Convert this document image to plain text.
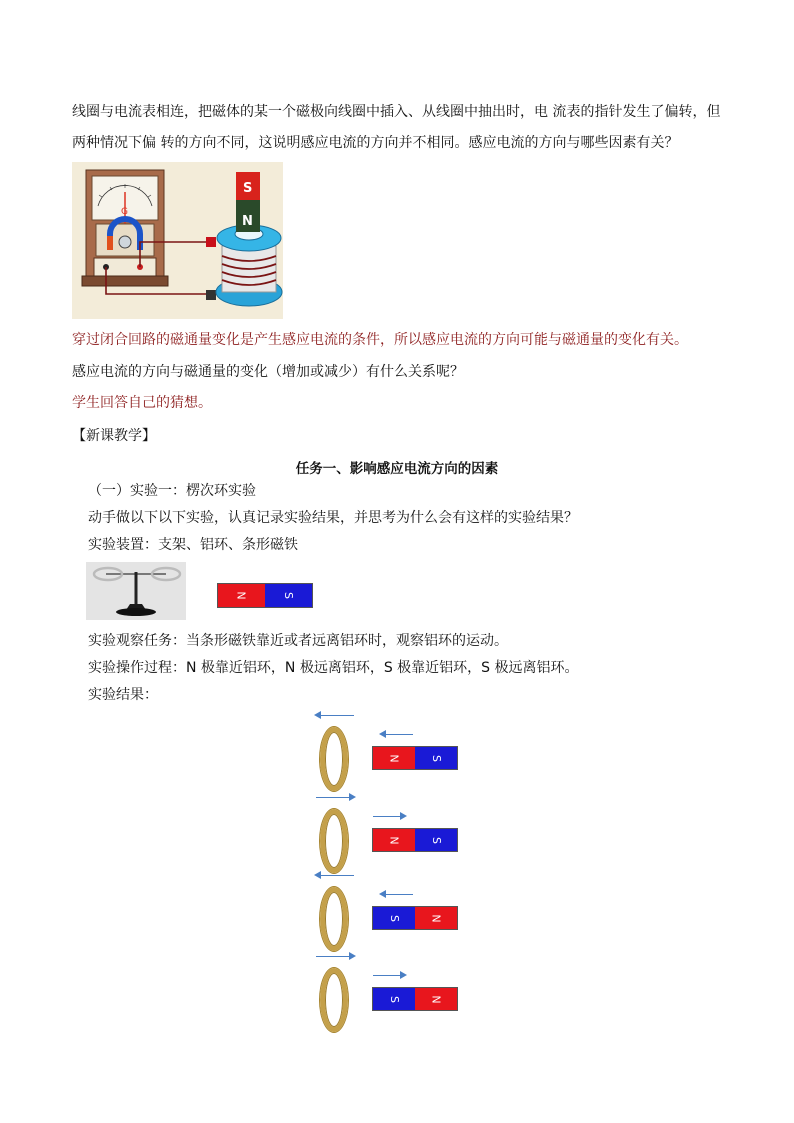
线圈与电流表相连，把磁体的某一个磁极向线圈中插入、从线圈中抽出时，电 流表的指针发生了偏转，但
两种情况下偏 转的方向不同，这说明感应电流的方向并不相同。感应电流的方向与哪些因素有关？
G
S
N
穿过闭合回路的磁通量变化是产生感应电流的条件，所以感应电流的方向可能与磁通量的变化有关。
感应电流的方向与磁通量的变化（增加或减少）有什么关系呢？
学生回答自己的猜想。
【新课教学】
任务一、影响感应电流方向的因素
（一）实验一：楞次环实验
动手做以下以下实验，认真记录实验结果，并思考为什么会有这样的实验结果？
实验装置：支架、铝环、条形磁铁
N	S
实验观察任务：当条形磁铁靠近或者远离铝环时，观察铝环的运动。
实验操作过程：N 极靠近铝环，N 极远离铝环，S 极靠近铝环，S 极远离铝环。
实验结果：
N	S
N	S
S	N
S	N
